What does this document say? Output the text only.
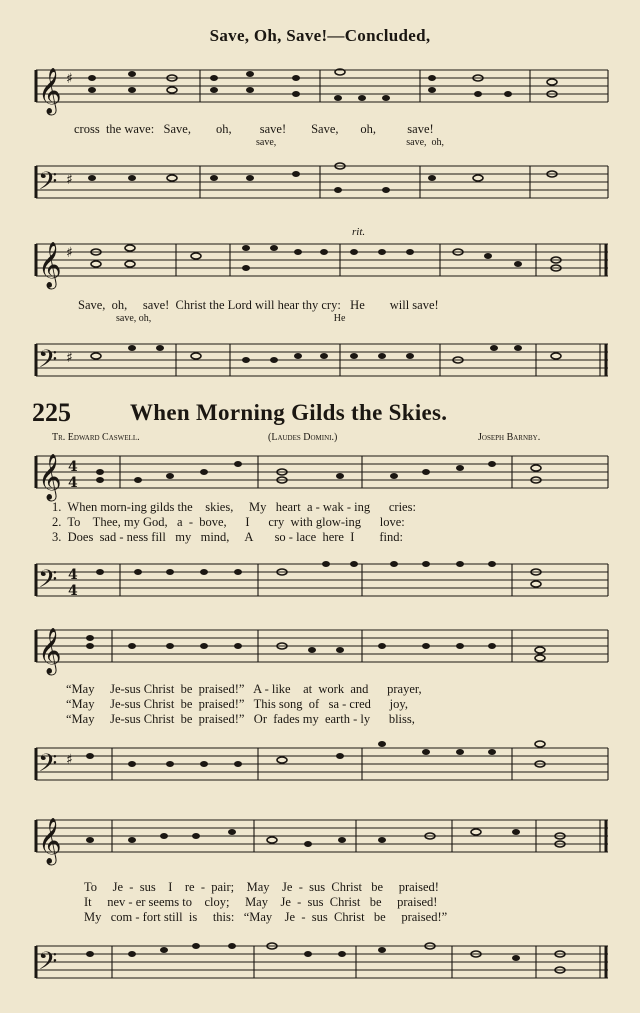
Save, Oh, Save!—Concluded,
𝄞 ♯
cross  the wave:   Save,        oh,         save!        Save,       oh,          save!
save,                                                    save,  oh,
𝄢 ♯
rit.
𝄞 ♯
Save,  oh,     save!  Christ the Lord will hear thy cry:   He        will save!
save, oh,                                                                         He
𝄢 ♯
225	When Morning Gilds the Skies.
Tr. Edward Caswell.	(Laudes Domini.)	Joseph Barnby.
𝄞 4
4
1.  When morn-ing gilds the    skies,     My   heart  a - wak - ing      cries:
2.  To    Thee, my God,   a  -  bove,      I      cry  with glow-ing      love:
3.  Does  sad - ness fill   my   mind,     A       so - lace  here  I        find:
𝄢 4
4
𝄞
“May     Je-sus Christ  be  praised!”   A - like    at  work  and      prayer,
“May     Je-sus Christ  be  praised!”   This song  of   sa - cred      joy,
“May     Je-sus Christ  be  praised!”   Or  fades my  earth - ly      bliss,
𝄢 ♯
𝄞
To     Je  -  sus    I    re  -  pair;    May    Je  -  sus  Christ   be     praised!
It     nev - er seems to    cloy;     May    Je  -  sus  Christ   be     praised!
My   com - fort still  is     this:   “May    Je  -  sus  Christ   be     praised!”
𝄢
